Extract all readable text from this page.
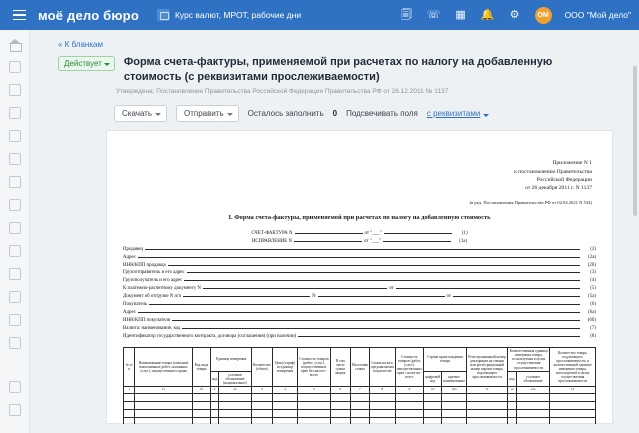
моё дело бюро	Курс валют, МРОТ, рабочие дни	🗐 ☏ ▦ 🔔 ⚙	ОМ	ООО "Мой дело"
« К бланкам
Действует	Форма счета-фактуры, применяемой при расчетах по налогу на добавленную стоимость (с реквизитами прослеживаемости)
Утверждена: Постановление Правительства Российской Федерации Правительства РФ от 26.12.2011 № 1137
Скачать	Отправить	Осталось заполнить 0 Подсвечивать поля с реквизитами
Приложение N 1
к постановлению Правительства
Российской Федерации
от 26 декабря 2011 г. N 1137
(в ред. Постановления Правительства РФ от 02.04.2021 N 534)
I. Форма счета-фактуры, применяемой при расчетах по налогу на добавленную стоимость
СЧЕТ-ФАКТУРА N	от "___"	(1)
ИСПРАВЛЕНИЕ N	от "___"	(1а)
Продавец	(2)
Адрес	(2а)
ИНН/КПП продавца	(2б)
Грузоотправитель и его адрес	(3)
Грузополучатель и его адрес	(4)
К платежно-расчетному документу N	от	(5)
Документ об отгрузке N п/п	N	от	(5а)
Покупатель	(6)
Адрес	(6а)
ИНН/КПП покупателя	(6б)
Валюта: наименование, код	(7)
Идентификатор государственного контракта, договора (соглашения) (при наличии)	(8)
№ п/п	Наименование товара (описание выполненных работ, оказанных услуг), имущественного права	Код вида товара	Единица измерения		Количество (объем)	Цена (тариф) за единицу измерения	Стоимость товаров (работ, услуг), имущественных прав без налога - всего	В том числе сумма акциза	Налоговая ставка	Сумма налога, предъявляемая покупателю	Стоимость товаров (работ, услуг), имущественных прав с налогом - всего	Страна происхождения товара		Регистрационный номер декларации на товары или регистрационный номер партии товара, подлежащего прослеживаемости	Количественная единица измерения товара, используемая в целях осуществления прослеживаемости		Количество товара, подлежащего прослеживаемости, в количественной единице измерения товара, используемой в целях осуществления прослеживаемости
			код	условное обозначение (национальное)								цифровой код	краткое наименование		код	условное обозначение	

1	1a	1б	2	2а	3	4	5	6	7	8	9	10	10а	11	12	12а	13
